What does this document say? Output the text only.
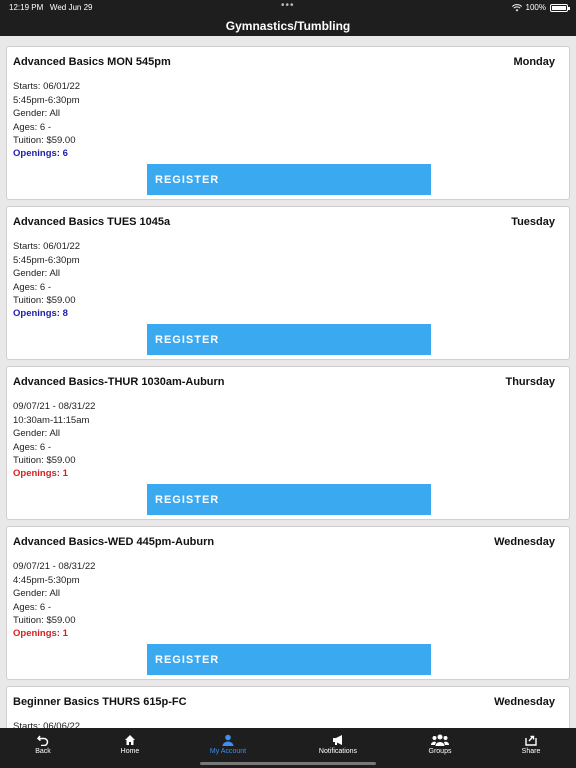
12:19 PM Wed Jun 29	•••	100%
Gymnastics/Tumbling
Advanced Basics MON 545pm	Monday
Starts: 06/01/22
5:45pm-6:30pm
Gender: All
Ages: 6 -
Tuition: $59.00
Openings: 6
REGISTER
Advanced Basics TUES 1045a	Tuesday
Starts: 06/01/22
5:45pm-6:30pm
Gender: All
Ages: 6 -
Tuition: $59.00
Openings: 8
REGISTER
Advanced Basics-THUR 1030am-Auburn	Thursday
09/07/21 - 08/31/22
10:30am-11:15am
Gender: All
Ages: 6 -
Tuition: $59.00
Openings: 1
REGISTER
Advanced Basics-WED 445pm-Auburn	Wednesday
09/07/21 - 08/31/22
4:45pm-5:30pm
Gender: All
Ages: 6 -
Tuition: $59.00
Openings: 1
REGISTER
Beginner Basics THURS 615p-FC	Wednesday
Starts: 06/06/22
Back	Home	My Account	Notifications	Groups	Share
